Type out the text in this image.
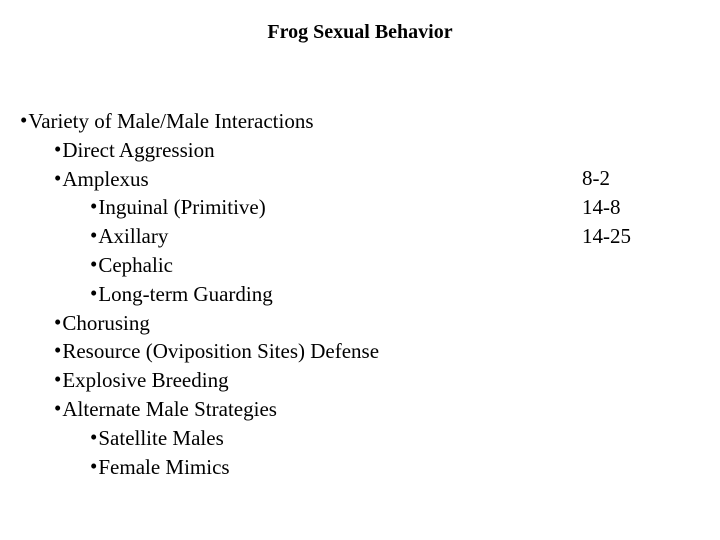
Frog Sexual Behavior
•Variety of Male/Male Interactions
•Direct Aggression
•Amplexus
•Inguinal (Primitive)
•Axillary
•Cephalic
•Long-term Guarding
•Chorusing
•Resource (Oviposition Sites) Defense
•Explosive Breeding
•Alternate Male Strategies
•Satellite Males
•Female Mimics
8-2
14-8
14-25
